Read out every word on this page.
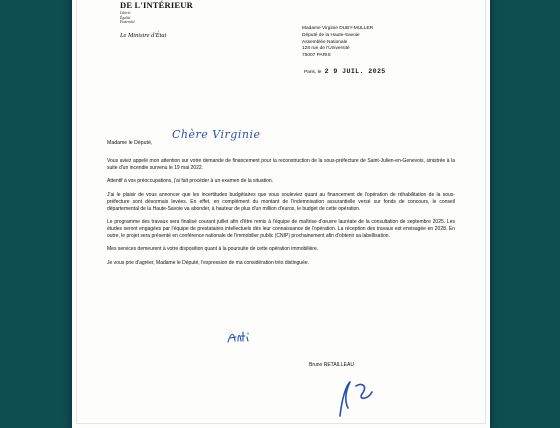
DE L'INTÉRIEUR
Liberté
Égalité
Fraternité
Le Ministre d'État
Madame Virginie DUBY-MULLER
Député de la Haute-Savoie
Assemblée Nationale
128 rue de l'Université
75007 PARIS
Paris, le 2 9 JUIL. 2025
Madame le Député,
Chère Virginie

Vous aviez appelé mon attention sur votre demande de financement pour la reconstruction de la sous-préfecture de Saint-Julien-en-Genevois, sinistrée à la suite d'un incendie survenu le 19 mai 2022.

Attentif à vos préoccupations, j'ai fait procéder à un examen de la situation.

J'ai le plaisir de vous annoncer que les incertitudes budgétaires que vous souleviez quant au financement de l'opération de réhabilitation de la sous-préfecture sont désormais levées. En effet, en complément du montant de l'indemnisation assurantielle versé sur fonds de concours, le conseil départemental de la Haute-Savoie va abonder, à hauteur de plus d'un million d'euros, le budget de cette opération.

Le programme des travaux sera finalisé courant juillet afin d'être remis à l'équipe de maîtrise d'œuvre lauréate de la consultation de septembre 2025. Les études seront engagées par l'équipe de prestataires intellectuels dès leur connaissance de l'opération. La réception des travaux est envisagée en 2028. En outre, le projet sera présenté en conférence nationale de l'immobilier public (CNIP) prochainement afin d'obtenir sa labellisation.

Mes services demeurent à votre disposition quant à la poursuite de cette opération immobilière.

Je vous prie d'agréer, Madame le Député, l'expression de ma considération très distinguée.

Bruno RETAILLEAU
